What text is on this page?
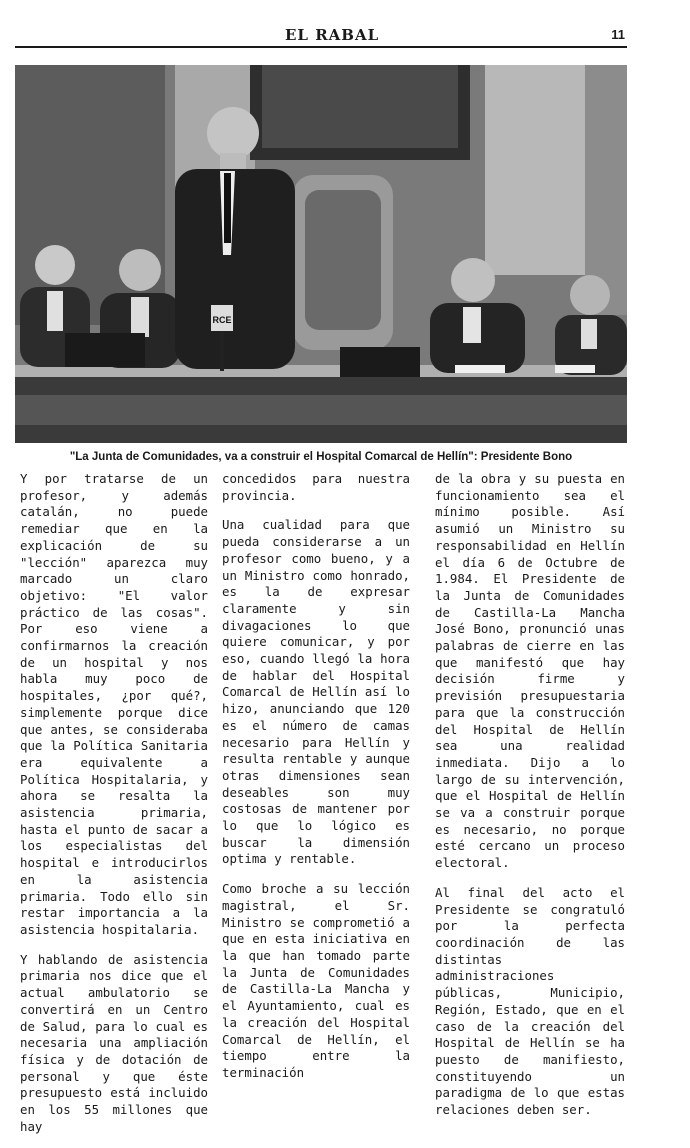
EL RABAL	11
RCE
"La Junta de Comunidades, va a construir el Hospital Comarcal de Hellín": Presidente Bono

Y por tratarse de un profesor, y además catalán, no puede remediar que en la explicación de su "lección" aparezca muy marcado un claro objetivo: "El valor práctico de las cosas". Por eso viene a confirmarnos la creación de un hospital y nos habla muy poco de hospitales, ¿por qué?, simplemente porque dice que antes, se consideraba que la Política Sanitaria era equivalente a Política Hospitalaria, y ahora se resalta la asistencia primaria, hasta el punto de sacar a los especialistas del hospital e introducirlos en la asistencia primaria. Todo ello sin restar importancia a la asistencia hospitalaria.

Y hablando de asistencia primaria nos dice que el actual ambulatorio se convertirá en un Centro de Salud, para lo cual es necesaria una ampliación física y de dotación de personal y que éste presupuesto está incluido en los 55 millones que hay

concedidos para nuestra provincia.

Una cualidad para que pueda considerarse a un profesor como bueno, y a un Ministro como honrado, es la de expresar claramente y sin divagaciones lo que quiere comunicar, y por eso, cuando llegó la hora de hablar del Hospital Comarcal de Hellín así lo hizo, anunciando que 120 es el número de camas necesario para Hellín y resulta rentable y aunque otras dimensiones sean deseables son muy costosas de mantener por lo que lo lógico es buscar la dimensión optima y rentable.

Como broche a su lección magistral, el Sr. Ministro se comprometió a que en esta iniciativa en la que han tomado parte la Junta de Comunidades de Castilla-La Mancha y el Ayuntamiento, cual es la creación del Hospital Comarcal de Hellín, el tiempo entre la terminación

de la obra y su puesta en funcionamiento sea el mínimo posible. Así asumió un Ministro su responsabilidad en Hellín el día 6 de Octubre de 1.984. El Presidente de la Junta de Comunidades de Castilla-La Mancha José Bono, pronunció unas palabras de cierre en las que manifestó que hay decisión firme y previsión presupuestaria para que la construcción del Hospital de Hellín sea una realidad inmediata. Dijo a lo largo de su intervención, que el Hospital de Hellín se va a construir porque es necesario, no porque esté cercano un proceso electoral.

Al final del acto el Presidente se congratuló por la perfecta coordinación de las distintas administraciones públicas, Municipio, Región, Estado, que en el caso de la creación del Hospital de Hellín se ha puesto de manifiesto, constituyendo un paradigma de lo que estas relaciones deben ser.
